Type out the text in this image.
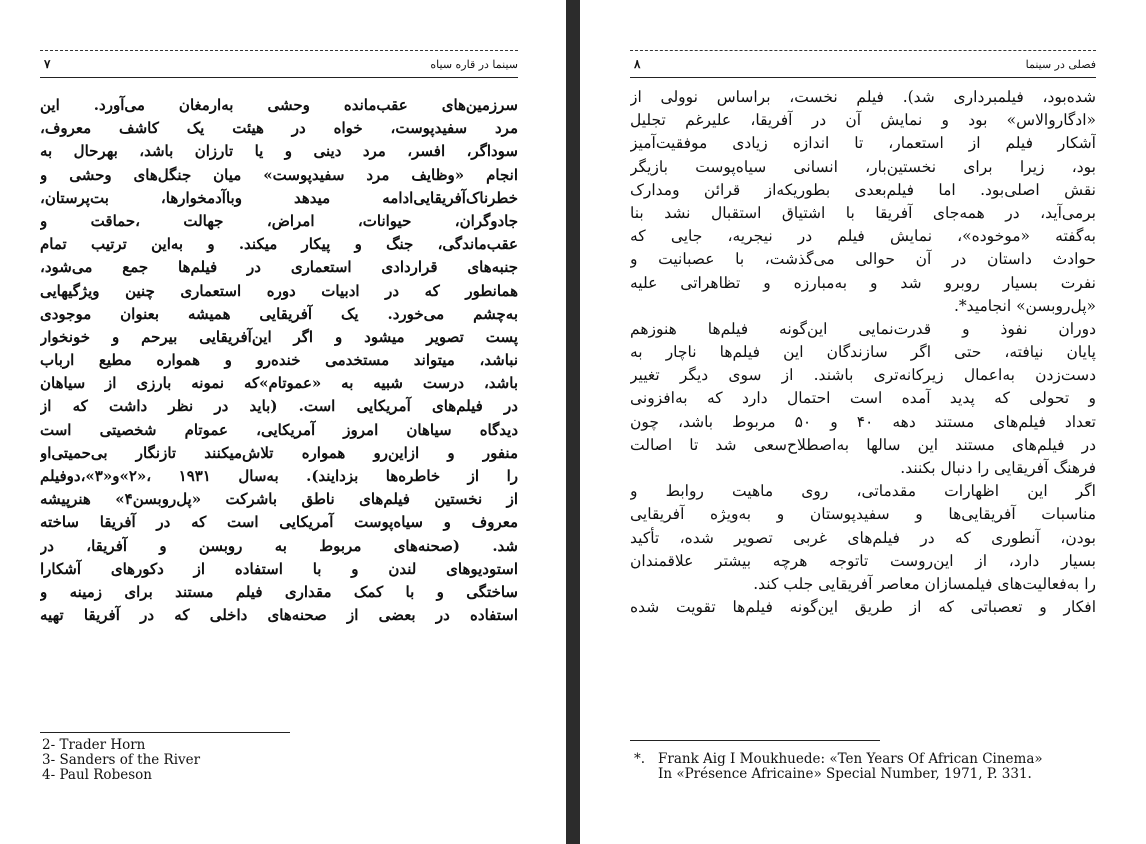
سینما در قاره سیاه
۷
سرزمین‌های عقب‌مانده وحشی به‌ارمغان می‌آورد. این
مرد سفیدپوست، خواه در هیئت یک کاشف معروف،
سوداگر، افسر، مرد دینی و یا تارزان باشد، بهرحال به
انجام «وظایف مرد سفیدپوست» میان جنگل‌های وحشی و
خطرناک‌آفریقایی‌ادامه میدهد وباآدمخوارها، بت‌پرستان،
جادوگران، حیوانات، امراض، جهالت ،حماقت و
عقب‌ماندگی، جنگ و پیکار میکند. و به‌این ترتیب تمام
جنبه‌های قراردادی استعماری در فیلم‌ها جمع می‌شود،
همانطور که در ادبیات دوره استعماری چنین ویژگیهایی
به‌چشم می‌خورد. یک آفریقایی همیشه بعنوان موجودی
پست تصویر میشود و اگر این‌آفریقایی بیرحم و خونخوار
نباشد، میتواند مستخدمی خنده‌رو و همواره مطیع ارباب
باشد، درست شبیه به «عموتام»که نمونه بارزی از سیاهان
در فیلم‌های آمریکایی است. (باید در نظر داشت که از
دیدگاه سیاهان امروز آمریکایی، عموتام شخصیتی است
منفور و ازاین‌رو همواره تلاش‌میکنند تازنگار بی‌حمیتی‌او
را از خاطره‌ها بزدایند). به‌سال ۱۹۳۱ ،«۲»و«۳»،دوفیلم
از نخستین فیلم‌های ناطق باشرکت «پل‌روبسن۴» هنرپیشه
معروف و سیاه‌پوست آمریکایی است که در آفریقا ساخته
شد. (صحنه‌های مربوط به روبسن و آفریقا، در
استودیوهای لندن و با استفاده از دکورهای آشکارا
ساختگی و با کمک مقداری فیلم مستند برای زمینه و
استفاده در بعضی از صحنه‌های داخلی که در آفریقا تهیه
2- Trader Horn
3- Sanders of the River
4- Paul Robeson
فصلی در سینما
۸
شده‌بود، فیلمبرداری شد). فیلم نخست، براساس نوولی از
«ادگاروالاس» بود و نمایش آن در آفریقا، علیرغم تجلیل
آشکار فیلم از استعمار، تا اندازه زیادی موفقیت‌آمیز
بود، زیرا برای نخستین‌بار، انسانی سیاه‌پوست بازیگر
نقش اصلی‌بود. اما فیلم‌بعدی بطوریکه‌از قرائن ومدارک
برمی‌آید، در همه‌جای آفریقا با اشتیاق استقبال نشد بنا
به‌گفته «موخوده»، نمایش فیلم در نیجریه، جایی که
حوادث داستان در آن حوالی می‌گذشت، با عصبانیت و
نفرت بسیار روبرو شد و به‌مبارزه و تظاهراتی علیه
«پل‌روبسن» انجامید*.
دوران نفوذ و قدرت‌نمایی این‌گونه فیلم‌ها هنوزهم
پایان نیافته، حتی اگر سازندگان این فیلم‌ها ناچار به
دست‌زدن به‌اعمال زیرکانه‌تری باشند. از سوی دیگر تغییر
و تحولی که پدید آمده است احتمال دارد که به‌افزونی
تعداد فیلم‌های مستند دهه ۴۰ و ۵۰ مربوط باشد، چون
در فیلم‌های مستند این سالها به‌اصطلاح‌سعی شد تا اصالت
فرهنگ آفریقایی را دنبال بکنند.
اگر این اظهارات مقدماتی، روی ماهیت روابط و
مناسبات آفریقایی‌ها و سفیدپوستان و به‌ویژه آفریقایی
بودن، آنطوری که در فیلم‌های غربی تصویر شده، تأکید
بسیار دارد، از این‌روست تاتوجه هرچه بیشتر علاقمندان
را به‌فعالیت‌های فیلمسازان معاصر آفریقایی جلب کند.
افکار و تعصباتی که از طریق این‌گونه فیلم‌ها تقویت شده
*. Frank Aig I Moukhuede: «Ten Years Of African Cinema»
In «Présence Africaine» Special Number, 1971, P. 331.
